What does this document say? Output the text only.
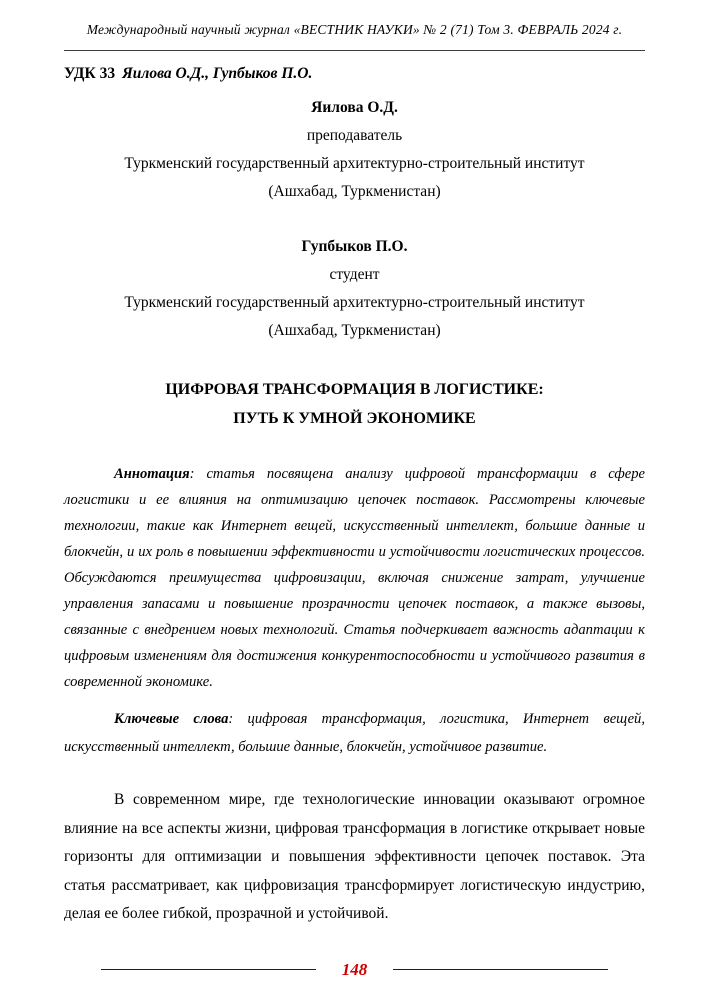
Международный научный журнал «ВЕСТНИК НАУКИ» № 2 (71) Том 3. ФЕВРАЛЬ 2024 г.

УДК 33 Яилова О.Д., Гупбыков П.О.

Яилова О.Д.

преподаватель

Туркменский государственный архитектурно-строительный институт

(Ашхабад, Туркменистан)

Гупбыков П.О.

студент

Туркменский государственный архитектурно-строительный институт

(Ашхабад, Туркменистан)

ЦИФРОВАЯ ТРАНСФОРМАЦИЯ В ЛОГИСТИКЕ:

ПУТЬ К УМНОЙ ЭКОНОМИКЕ

Аннотация: статья посвящена анализу цифровой трансформации в сфере логистики и ее влияния на оптимизацию цепочек поставок. Рассмотрены ключевые технологии, такие как Интернет вещей, искусственный интеллект, большие данные и блокчейн, и их роль в повышении эффективности и устойчивости логистических процессов. Обсуждаются преимущества цифровизации, включая снижение затрат, улучшение управления запасами и повышение прозрачности цепочек поставок, а также вызовы, связанные с внедрением новых технологий. Статья подчеркивает важность адаптации к цифровым изменениям для достижения конкурентоспособности и устойчивого развития в современной экономике.

Ключевые слова: цифровая трансформация, логистика, Интернет вещей, искусственный интеллект, большие данные, блокчейн, устойчивое развитие.

В современном мире, где технологические инновации оказывают огромное влияние на все аспекты жизни, цифровая трансформация в логистике открывает новые горизонты для оптимизации и повышения эффективности цепочек поставок. Эта статья рассматривает, как цифровизация трансформирует логистическую индустрию, делая ее более гибкой, прозрачной и устойчивой.

148
